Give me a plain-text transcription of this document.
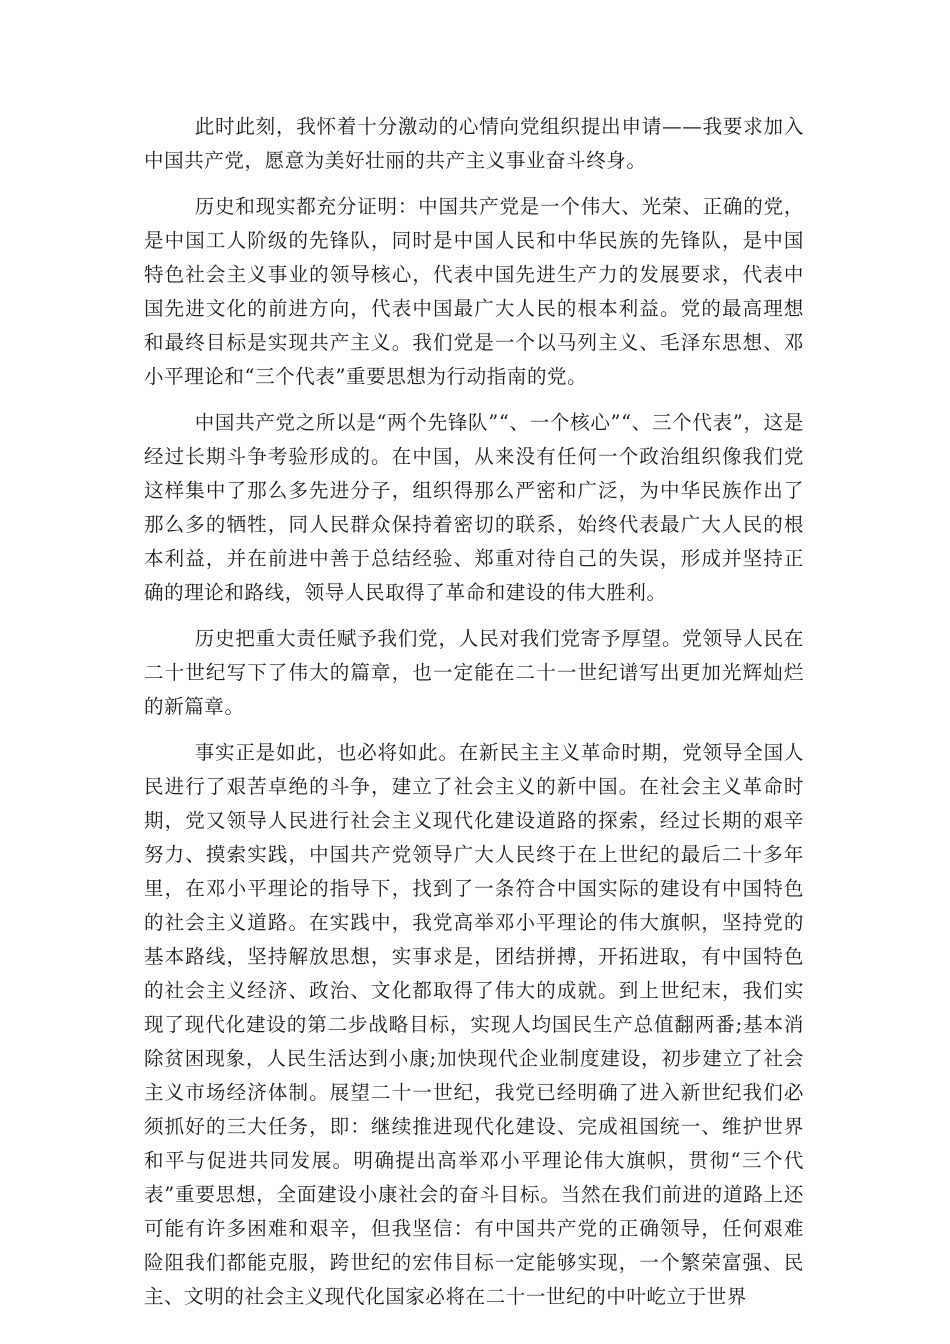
此时此刻，我怀着十分激动的心情向党组织提出申请——我要求加入中国共产党，愿意为美好壮丽的共产主义事业奋斗终身。

历史和现实都充分证明：中国共产党是一个伟大、光荣、正确的党，是中国工人阶级的先锋队，同时是中国人民和中华民族的先锋队，是中国特色社会主义事业的领导核心，代表中国先进生产力的发展要求，代表中国先进文化的前进方向，代表中国最广大人民的根本利益。党的最高理想和最终目标是实现共产主义。我们党是一个以马列主义、毛泽东思想、邓小平理论和“三个代表”重要思想为行动指南的党。

中国共产党之所以是“两个先锋队”“、一个核心”“、三个代表”，这是经过长期斗争考验形成的。在中国，从来没有任何一个政治组织像我们党这样集中了那么多先进分子，组织得那么严密和广泛，为中华民族作出了那么多的牺牲，同人民群众保持着密切的联系，始终代表最广大人民的根本利益，并在前进中善于总结经验、郑重对待自己的失误，形成并坚持正确的理论和路线，领导人民取得了革命和建设的伟大胜利。

历史把重大责任赋予我们党，人民对我们党寄予厚望。党领导人民在二十世纪写下了伟大的篇章，也一定能在二十一世纪谱写出更加光辉灿烂的新篇章。

事实正是如此，也必将如此。在新民主主义革命时期，党领导全国人民进行了艰苦卓绝的斗争，建立了社会主义的新中国。在社会主义革命时期，党又领导人民进行社会主义现代化建设道路的探索，经过长期的艰辛努力、摸索实践，中国共产党领导广大人民终于在上世纪的最后二十多年里，在邓小平理论的指导下，找到了一条符合中国实际的建设有中国特色的社会主义道路。在实践中，我党高举邓小平理论的伟大旗帜，坚持党的基本路线，坚持解放思想，实事求是，团结拼搏，开拓进取，有中国特色的社会主义经济、政治、文化都取得了伟大的成就。到上世纪末，我们实现了现代化建设的第二步战略目标，实现人均国民生产总值翻两番;基本消除贫困现象，人民生活达到小康;加快现代企业制度建设，初步建立了社会主义市场经济体制。展望二十一世纪，我党已经明确了进入新世纪我们必须抓好的三大任务，即：继续推进现代化建设、完成祖国统一、维护世界和平与促进共同发展。明确提出高举邓小平理论伟大旗帜，贯彻“三个代表”重要思想，全面建设小康社会的奋斗目标。当然在我们前进的道路上还可能有许多困难和艰辛，但我坚信：有中国共产党的正确领导，任何艰难险阻我们都能克服，跨世纪的宏伟目标一定能够实现，一个繁荣富强、民主、文明的社会主义现代化国家必将在二十一世纪的中叶屹立于世界
